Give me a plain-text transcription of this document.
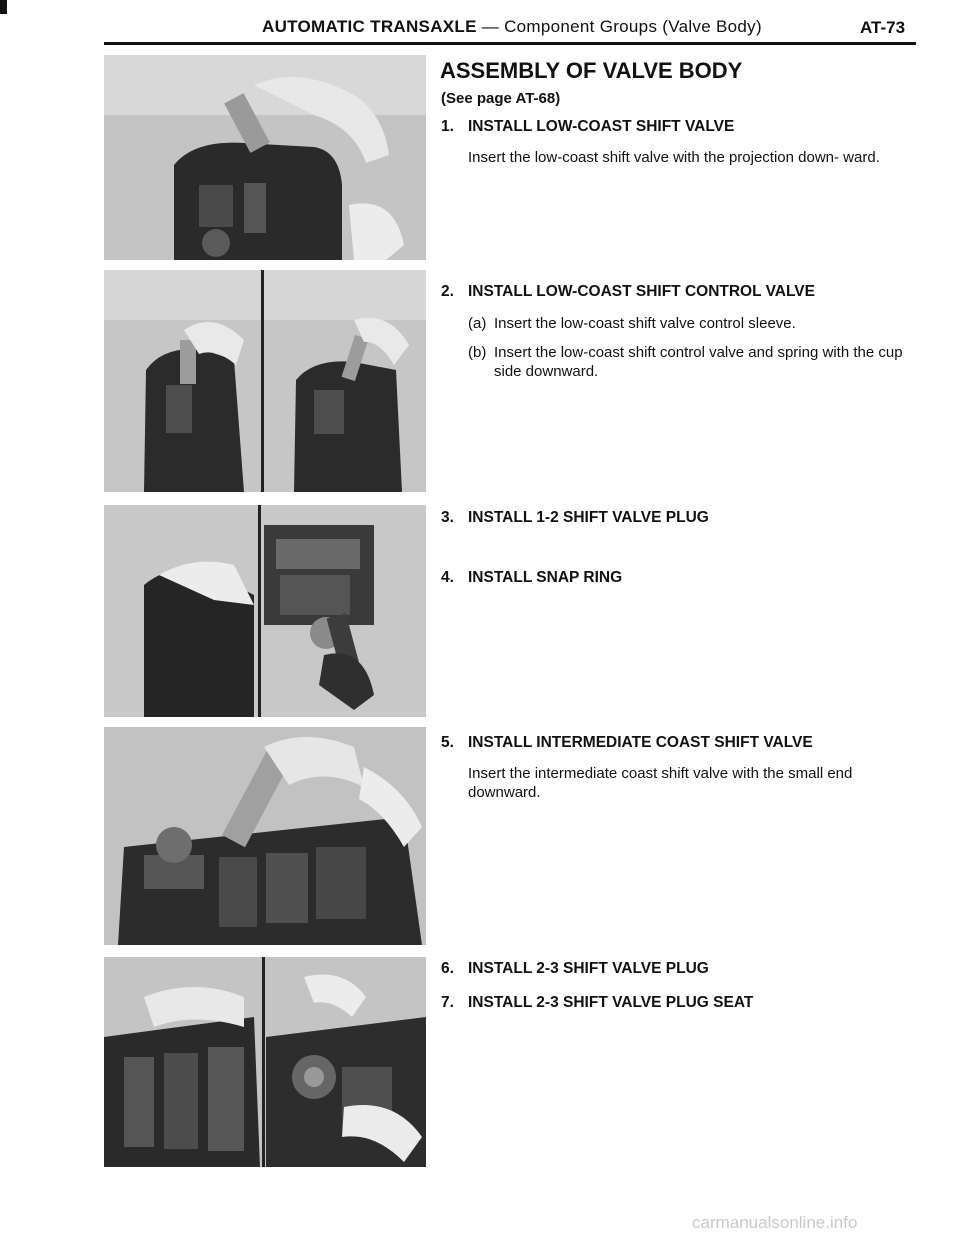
AUTOMATIC TRANSAXLE — Component Groups (Valve Body)	AT-73
ASSEMBLY OF VALVE BODY
(See page AT-68)
1. INSTALL LOW-COAST SHIFT VALVE
Insert the low-coast shift valve with the projection down- ward.
2. INSTALL LOW-COAST SHIFT CONTROL VALVE
(a) Insert the low-coast shift valve control sleeve.
(b) Insert the low-coast shift control valve and spring with the cup side downward.
3. INSTALL 1-2 SHIFT VALVE PLUG
4. INSTALL SNAP RING
5. INSTALL INTERMEDIATE COAST SHIFT VALVE
Insert the intermediate coast shift valve with the small end downward.
6. INSTALL 2-3 SHIFT VALVE PLUG
7. INSTALL 2-3 SHIFT VALVE PLUG SEAT
carmanualsonline.info
